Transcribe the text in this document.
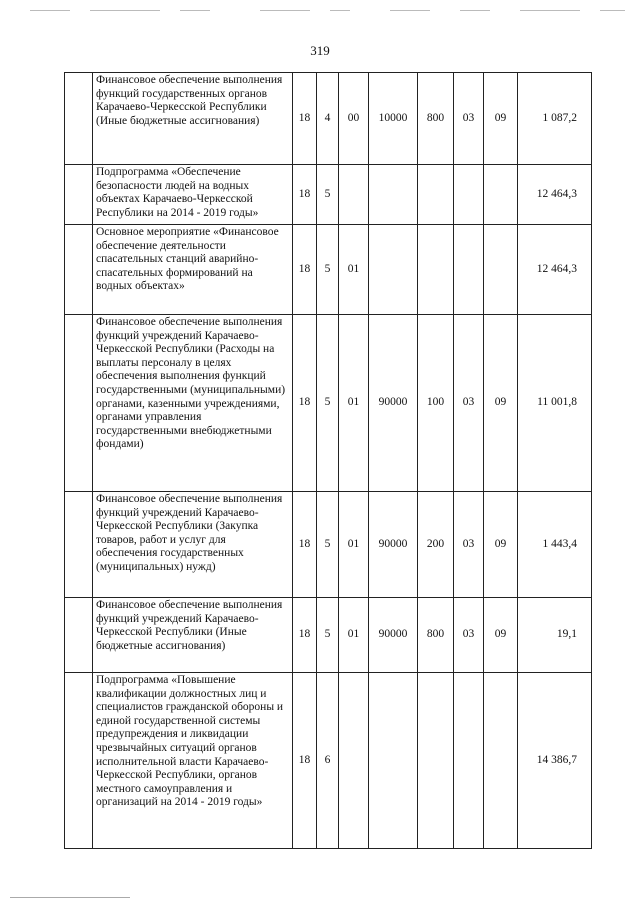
319
	Финансовое обеспечение выполнения функций государственных органов Карачаево-Черкесской Республики (Иные бюджетные ассигнования)	18	4	00	10000	800	03	09	1 087,2
	Подпрограмма «Обеспечение безопасности людей на водных объектах Карачаево-Черкесской Республики на 2014 - 2019 годы»	18	5						12 464,3
	Основное мероприятие «Финансовое обеспечение деятельности спасательных станций аварийно-спасательных формирований на водных объектах»	18	5	01					12 464,3
	Финансовое обеспечение выполнения функций учреждений Карачаево-Черкесской Республики (Расходы на выплаты персоналу в целях обеспечения выполнения функций государственными (муниципальными) органами, казенными учреждениями, органами управления государственными внебюджетными фондами)	18	5	01	90000	100	03	09	11 001,8
	Финансовое обеспечение выполнения функций учреждений Карачаево-Черкесской Республики (Закупка товаров, работ и услуг для обеспечения государственных (муниципальных) нужд)	18	5	01	90000	200	03	09	1 443,4
	Финансовое обеспечение выполнения функций учреждений Карачаево-Черкесской Республики (Иные бюджетные ассигнования)	18	5	01	90000	800	03	09	19,1
	Подпрограмма «Повышение квалификации должностных лиц и специалистов гражданской обороны и единой государственной системы предупреждения и ликвидации чрезвычайных ситуаций органов исполнительной власти Карачаево-Черкесской Республики, органов местного самоуправления и организаций на 2014 - 2019 годы»	18	6						14 386,7
